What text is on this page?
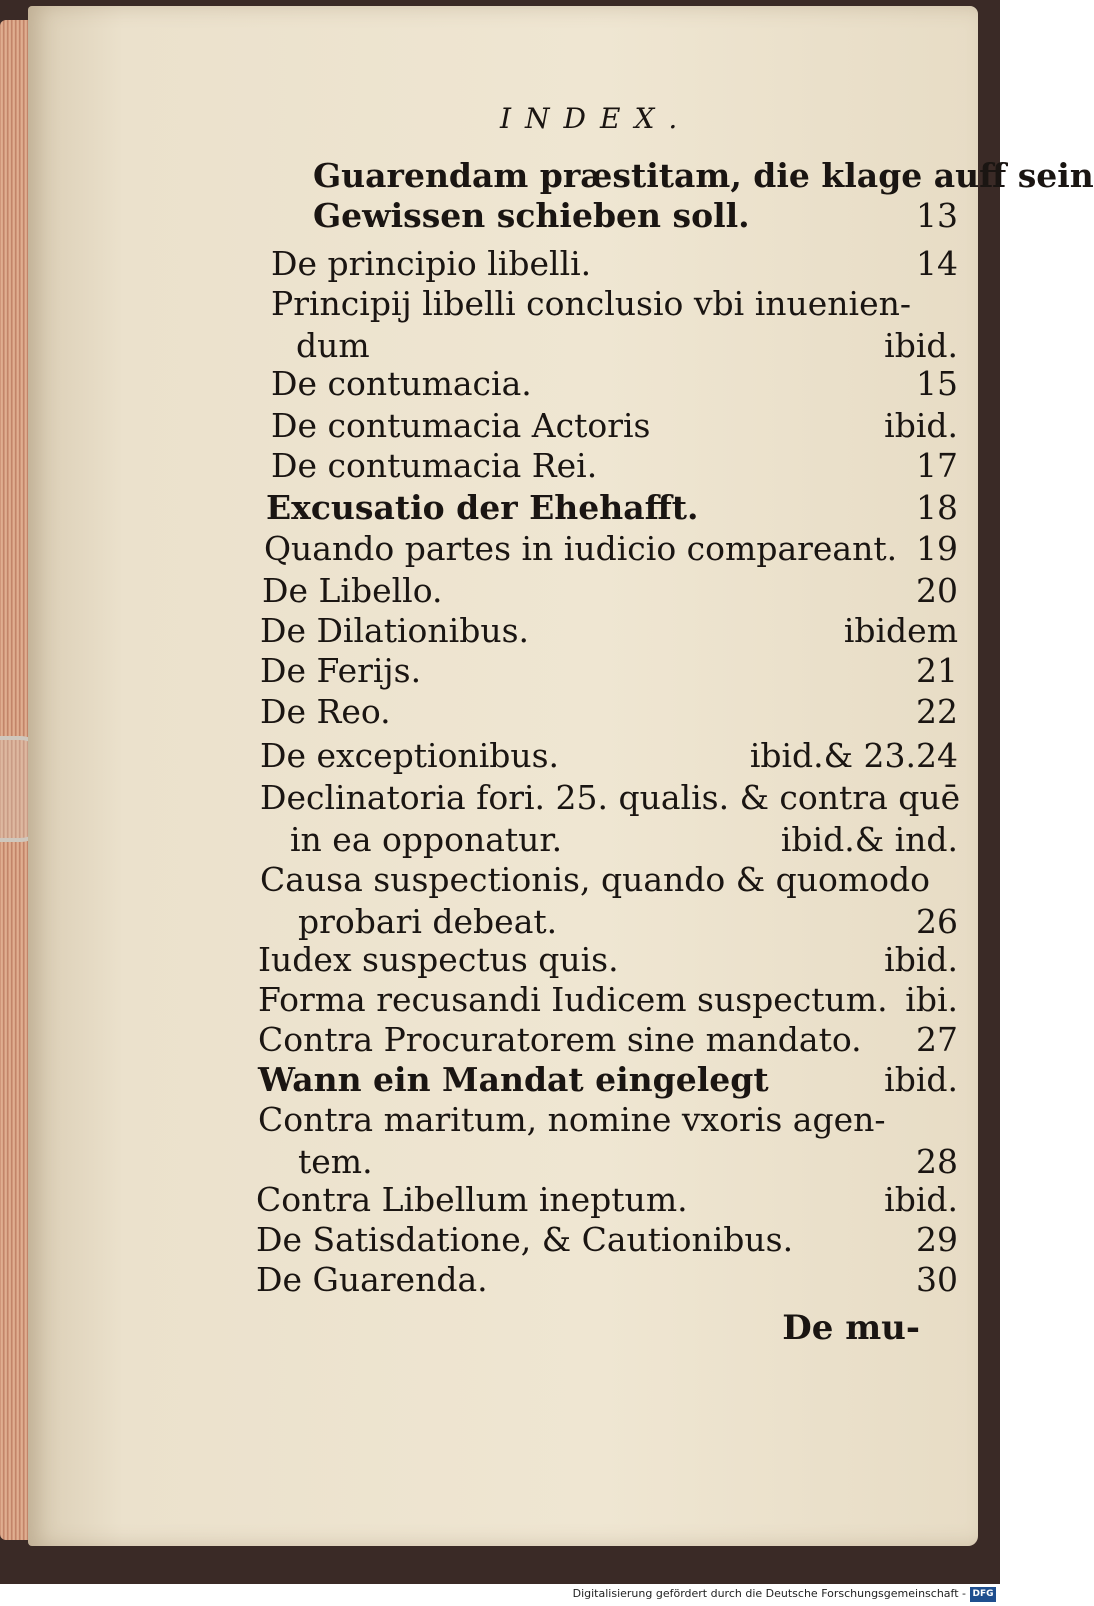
INDEX.
Guarendam præstitam, die klage auff sein
Gewissen schieben soll.	13
De principio libelli.	14
Principij libelli conclusio vbi inuenien-
dum	ibid.
De contumacia.	15
De contumacia Actoris	ibid.
De contumacia Rei.	17
Excusatio der Ehehafft.	18
Quando partes in iudicio compareant. 19
De Libello.	20
De Dilationibus.	ibidem
De Ferijs.	21
De Reo.	22
De exceptionibus.	ibid.& 23.24
Declinatoria fori. 25. qualis. & contra quē
in ea opponatur.	ibid.& ind.
Causa suspectionis, quando & quomodo
probari debeat.	26
Iudex suspectus quis.	ibid.
Forma recusandi Iudicem suspectum. ibi.
Contra Procuratorem sine mandato. 27
Wann ein Mandat eingelegt	ibid.
Contra maritum, nomine vxoris agen-
tem.	28
Contra Libellum ineptum.	ibid.
De Satisdatione, & Cautionibus.	29
De Guarenda.	30
De mu-
Digitalisierung gefördert durch die Deutsche Forschungsgemeinschaft - DFG
